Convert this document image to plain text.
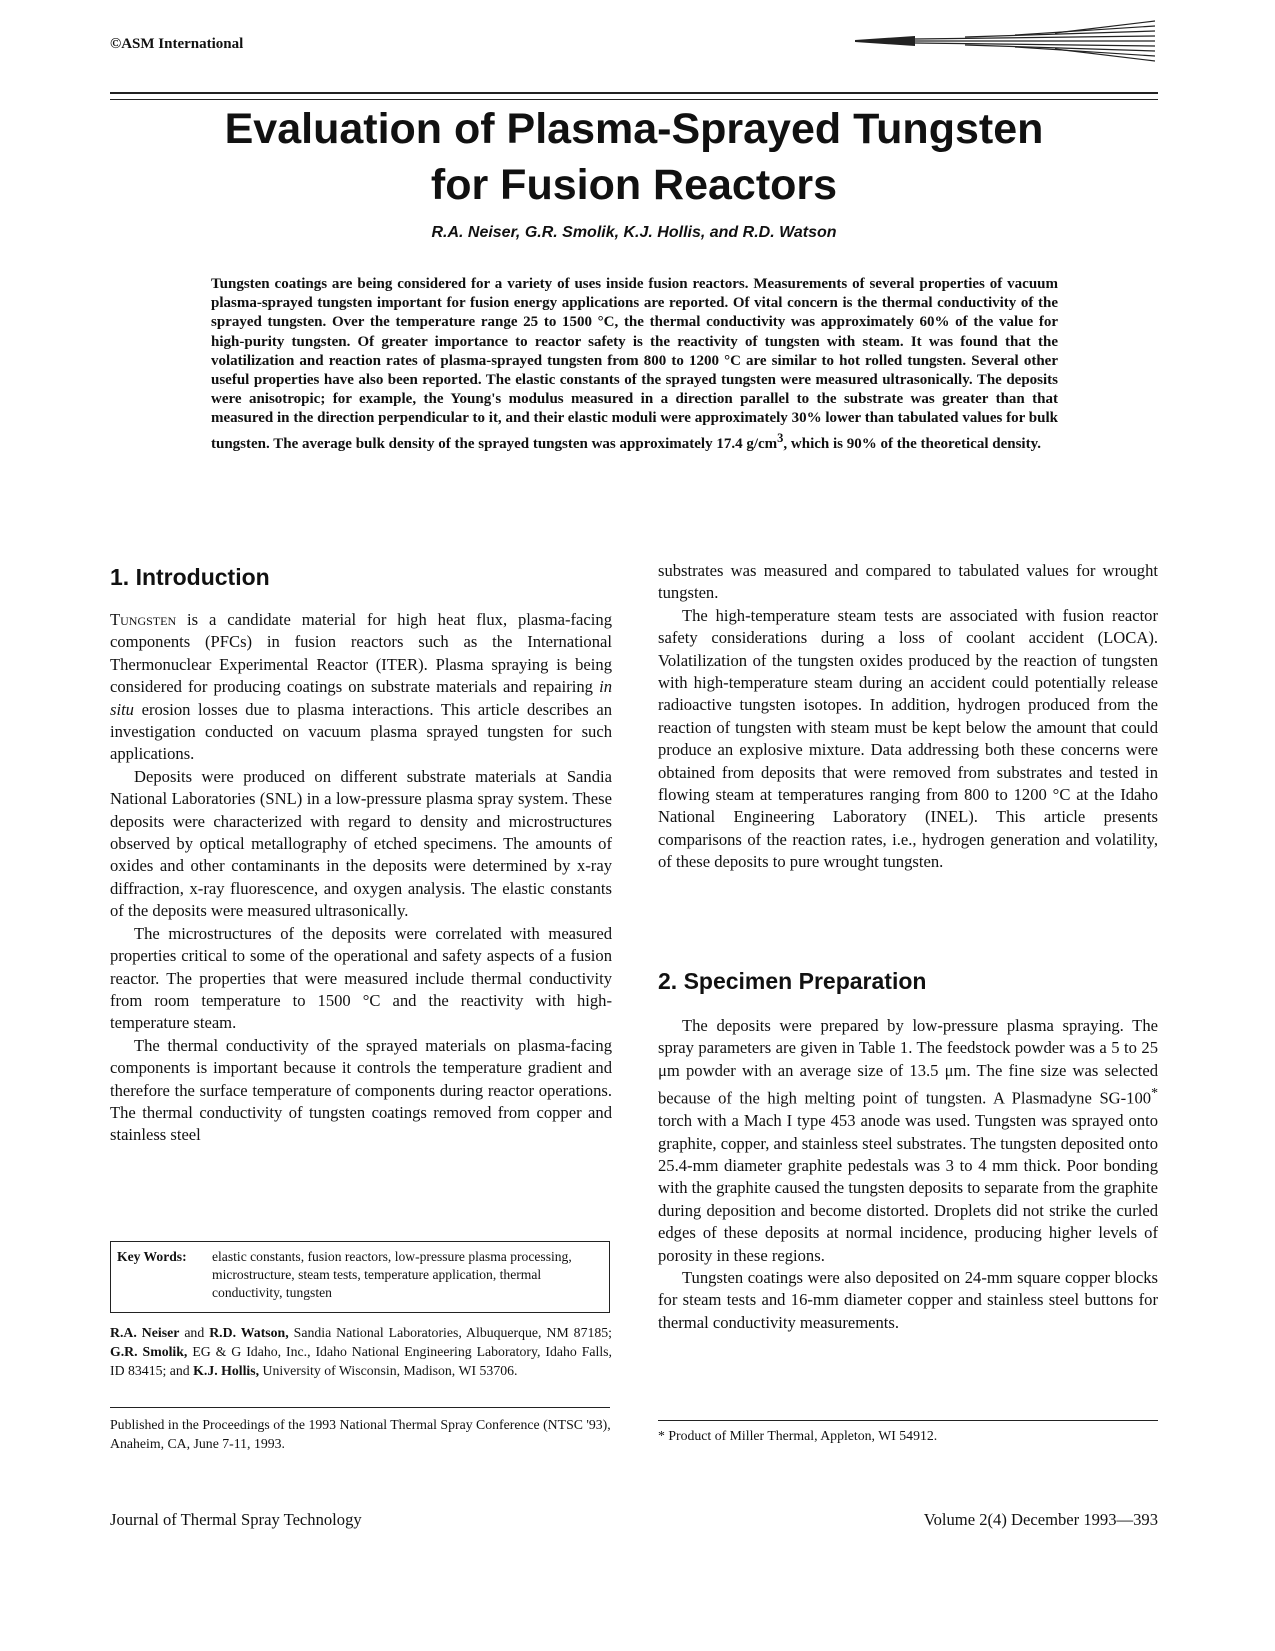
©ASM International
Evaluation of Plasma-Sprayed Tungsten
for Fusion Reactors
R.A. Neiser, G.R. Smolik, K.J. Hollis, and R.D. Watson

Tungsten coatings are being considered for a variety of uses inside fusion reactors. Measurements of several properties of vacuum plasma-sprayed tungsten important for fusion energy applications are reported. Of vital concern is the thermal conductivity of the sprayed tungsten. Over the temperature range 25 to 1500 °C, the thermal conductivity was approximately 60% of the value for high-purity tungsten. Of greater importance to reactor safety is the reactivity of tungsten with steam. It was found that the volatilization and reaction rates of plasma-sprayed tungsten from 800 to 1200 °C are similar to hot rolled tungsten. Several other useful properties have also been reported. The elastic constants of the sprayed tungsten were measured ultrasonically. The deposits were anisotropic; for example, the Young's modulus measured in a direction parallel to the substrate was greater than that measured in the direction perpendicular to it, and their elastic moduli were approximately 30% lower than tabulated values for bulk tungsten. The average bulk density of the sprayed tungsten was approximately 17.4 $g/cm^3$, which is 90% of the theoretical density.

1. Introduction

Tungsten is a candidate material for high heat flux, plasma-facing components (PFCs) in fusion reactors such as the International Thermonuclear Experimental Reactor (ITER). Plasma spraying is being considered for producing coatings on substrate materials and repairing in situ erosion losses due to plasma interactions. This article describes an investigation conducted on vacuum plasma sprayed tungsten for such applications.

Deposits were produced on different substrate materials at Sandia National Laboratories (SNL) in a low-pressure plasma spray system. These deposits were characterized with regard to density and microstructures observed by optical metallography of etched specimens. The amounts of oxides and other contaminants in the deposits were determined by x-ray diffraction, x-ray fluorescence, and oxygen analysis. The elastic constants of the deposits were measured ultrasonically.

The microstructures of the deposits were correlated with measured properties critical to some of the operational and safety aspects of a fusion reactor. The properties that were measured include thermal conductivity from room temperature to 1500 °C and the reactivity with high-temperature steam.

The thermal conductivity of the sprayed materials on plasma-facing components is important because it controls the temperature gradient and therefore the surface temperature of components during reactor operations. The thermal conductivity of tungsten coatings removed from copper and stainless steel

Key Words: elastic constants, fusion reactors, low-pressure plasma processing, microstructure, steam tests, temperature application, thermal conductivity, tungsten

R.A. Neiser and R.D. Watson, Sandia National Laboratories, Albuquerque, NM 87185; G.R. Smolik, EG & G Idaho, Inc., Idaho National Engineering Laboratory, Idaho Falls, ID 83415; and K.J. Hollis, University of Wisconsin, Madison, WI 53706.

Published in the Proceedings of the 1993 National Thermal Spray Conference (NTSC '93), Anaheim, CA, June 7-11, 1993.

substrates was measured and compared to tabulated values for wrought tungsten.

The high-temperature steam tests are associated with fusion reactor safety considerations during a loss of coolant accident (LOCA). Volatilization of the tungsten oxides produced by the reaction of tungsten with high-temperature steam during an accident could potentially release radioactive tungsten isotopes. In addition, hydrogen produced from the reaction of tungsten with steam must be kept below the amount that could produce an explosive mixture. Data addressing both these concerns were obtained from deposits that were removed from substrates and tested in flowing steam at temperatures ranging from 800 to 1200 °C at the Idaho National Engineering Laboratory (INEL). This article presents comparisons of the reaction rates, i.e., hydrogen generation and volatility, of these deposits to pure wrought tungsten.

2. Specimen Preparation

The deposits were prepared by low-pressure plasma spraying. The spray parameters are given in Table 1. The feedstock powder was a 5 to 25 μm powder with an average size of 13.5 μm. The fine size was selected because of the high melting point of tungsten. A Plasmadyne SG-100* torch with a Mach I type 453 anode was used. Tungsten was sprayed onto graphite, copper, and stainless steel substrates. The tungsten deposited onto 25.4-mm diameter graphite pedestals was 3 to 4 mm thick. Poor bonding with the graphite caused the tungsten deposits to separate from the graphite during deposition and become distorted. Droplets did not strike the curled edges of these deposits at normal incidence, producing higher levels of porosity in these regions.

Tungsten coatings were also deposited on 24-mm square copper blocks for steam tests and 16-mm diameter copper and stainless steel buttons for thermal conductivity measurements.

* Product of Miller Thermal, Appleton, WI 54912.
Journal of Thermal Spray Technology	Volume 2(4) December 1993—393
